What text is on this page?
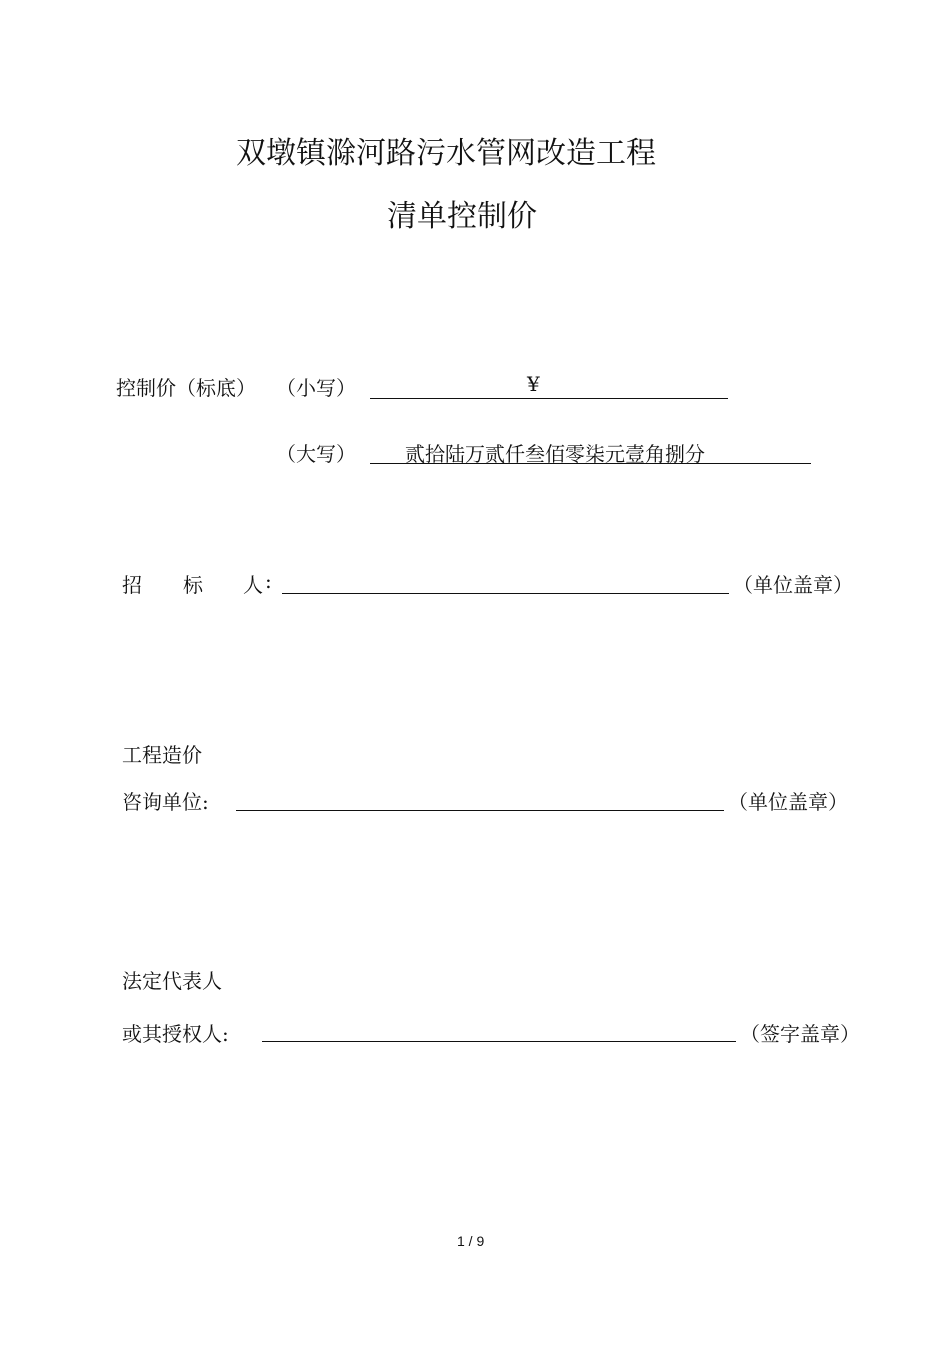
双墩镇滁河路污水管网改造工程
清单控制价
控制价（标底） （小写）	¥
（大写） 贰拾陆万贰仟叁佰零柒元壹角捌分
招 标 人 :	（单位盖章）
工程造价
咨询单位:	（单位盖章）
法定代表人
或其授权人:	（签字盖章）
1 / 9
